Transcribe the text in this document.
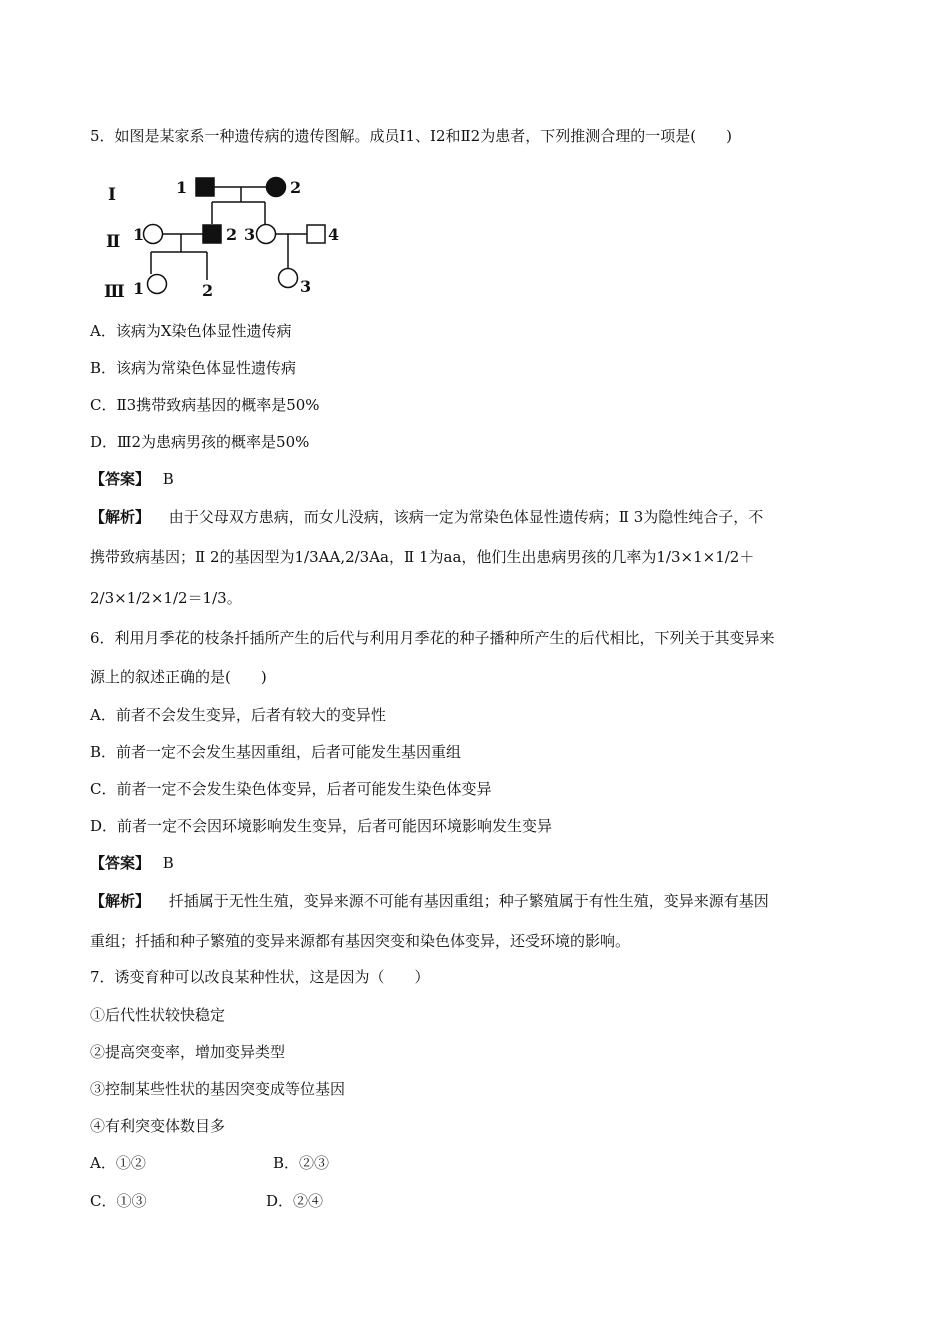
5．如图是某家系一种遗传病的遗传图解。成员Ⅰ1、Ⅰ2和Ⅱ2为患者，下列推测合理的一项是(　　)
Ⅰ
Ⅱ
Ⅲ
1	2
1	2 3	4
1	2	3
A．该病为X染色体显性遗传病
B．该病为常染色体显性遗传病
C．Ⅱ3携带致病基因的概率是50%
D．Ⅲ2为患病男孩的概率是50%
【答案】 B
【解析】 由于父母双方患病，而女儿没病，该病一定为常染色体显性遗传病；Ⅱ 3为隐性纯合子，不
携带致病基因；Ⅱ 2的基因型为1/3AA,2/3Aa，Ⅱ 1为aa，他们生出患病男孩的几率为1/3×1×1/2＋
2/3×1/2×1/2＝1/3。
6．利用月季花的枝条扦插所产生的后代与利用月季花的种子播种所产生的后代相比，下列关于其变异来
源上的叙述正确的是(　　)
A．前者不会发生变异，后者有较大的变异性
B．前者一定不会发生基因重组，后者可能发生基因重组
C．前者一定不会发生染色体变异，后者可能发生染色体变异
D．前者一定不会因环境影响发生变异，后者可能因环境影响发生变异
【答案】 B
【解析】 扦插属于无性生殖，变异来源不可能有基因重组；种子繁殖属于有性生殖，变异来源有基因
重组；扦插和种子繁殖的变异来源都有基因突变和染色体变异，还受环境的影响。
7．诱变育种可以改良某种性状，这是因为（　　）
①后代性状较快稳定
②提高突变率，增加变异类型
③控制某些性状的基因突变成等位基因
④有利突变体数目多
A．①②	B．②③
C．①③	D．②④
